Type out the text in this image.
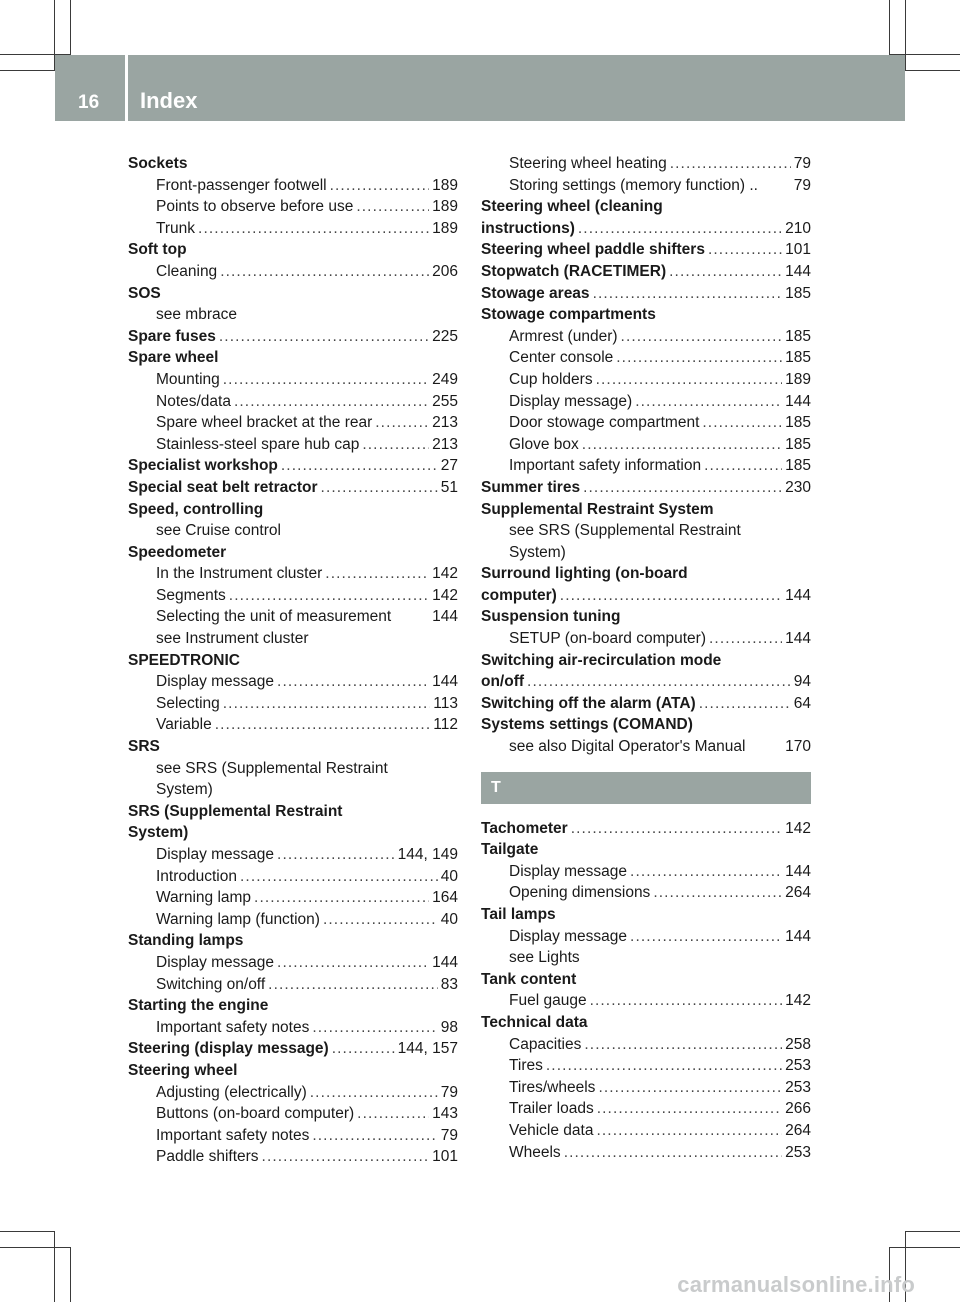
16 Index
Sockets
Front-passenger footwell . . .	189
Points to observe before use . . .	189
Trunk . . .	189
Soft top
Cleaning . . .	206
SOS
see mbrace
Spare fuses . . .	225
Spare wheel
Mounting . . .	249
Notes/data . . .	255
Spare wheel bracket at the rear . . .	213
Stainless-steel spare hub cap . . .	213
Specialist workshop . . .	27
Special seat belt retractor . . .	51
Speed, controlling
see Cruise control
Speedometer
In the Instrument cluster . . .	142
Segments . . .	142
Selecting the unit of measurement	144
see Instrument cluster
SPEEDTRONIC
Display message . . .	144
Selecting . . .	113
Variable . . .	112
SRS
see SRS (Supplemental Restraint
System)
SRS (Supplemental Restraint
System)
Display message . . .	144, 149
Introduction . . .	40
Warning lamp . . .	164
Warning lamp (function) . . .	40
Standing lamps
Display message . . .	144
Switching on/off . . .	83
Starting the engine
Important safety notes . . .	98
Steering (display message) . . .	144, 157
Steering wheel
Adjusting (electrically) . . .	79
Buttons (on-board computer) . . .	143
Important safety notes . . .	79
Paddle shifters . . .	101
Steering wheel heating . . .	79
Storing settings (memory function) .. 79
Steering wheel (cleaning
instructions) . . .	210
Steering wheel paddle shifters . . .	101
Stopwatch (RACETIMER) . . .	144
Stowage areas . . .	185
Stowage compartments
Armrest (under) . . .	185
Center console . . .	185
Cup holders . . .	189
Display message) . . .	144
Door stowage compartment . . .	185
Glove box . . .	185
Important safety information . . .	185
Summer tires . . .	230
Supplemental Restraint System
see SRS (Supplemental Restraint
System)
Surround lighting (on-board
computer) . . .	144
Suspension tuning
SETUP (on-board computer) . . .	144
Switching air-recirculation mode
on/off . . .	94
Switching off the alarm (ATA) . . .	64
Systems settings (COMAND)
see also Digital Operator's Manual	170
T
Tachometer . . .	142
Tailgate
Display message . . .	144
Opening dimensions . . .	264
Tail lamps
Display message . . .	144
see Lights
Tank content
Fuel gauge . . .	142
Technical data
Capacities . . .	258
Tires . . .	253
Tires/wheels . . .	253
Trailer loads . . .	266
Vehicle data . . .	264
Wheels . . .	253
carmanualsonline.info
